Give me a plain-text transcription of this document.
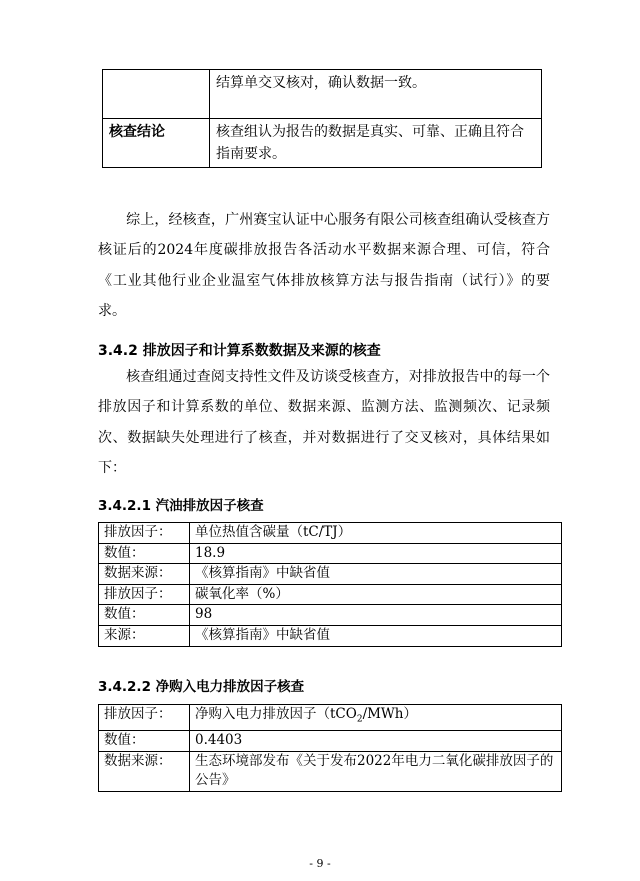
	结算单交叉核对，确认数据一致。
核查结论	核查组认为报告的数据是真实、可靠、正确且符合指南要求。
综上，经核查，广州赛宝认证中心服务有限公司核查组确认受核查方核证后的2024年度碳排放报告各活动水平数据来源合理、可信，符合《工业其他行业企业温室气体排放核算方法与报告指南（试行）》的要求。
3.4.2 排放因子和计算系数数据及来源的核查
核查组通过查阅支持性文件及访谈受核查方，对排放报告中的每一个排放因子和计算系数的单位、数据来源、监测方法、监测频次、记录频次、数据缺失处理进行了核查，并对数据进行了交叉核对，具体结果如下：
3.4.2.1 汽油排放因子核查
排放因子：	单位热值含碳量（tC/TJ）
数值：	18.9
数据来源：	《核算指南》中缺省值
排放因子：	碳氧化率（%）
数值：	98
来源：	《核算指南》中缺省值
3.4.2.2 净购入电力排放因子核查
排放因子：	净购入电力排放因子（tCO$_2$/MWh）
数值：	0.4403
数据来源：	生态环境部发布《关于发布2022年电力二氧化碳排放因子的公告》
- 9 -
